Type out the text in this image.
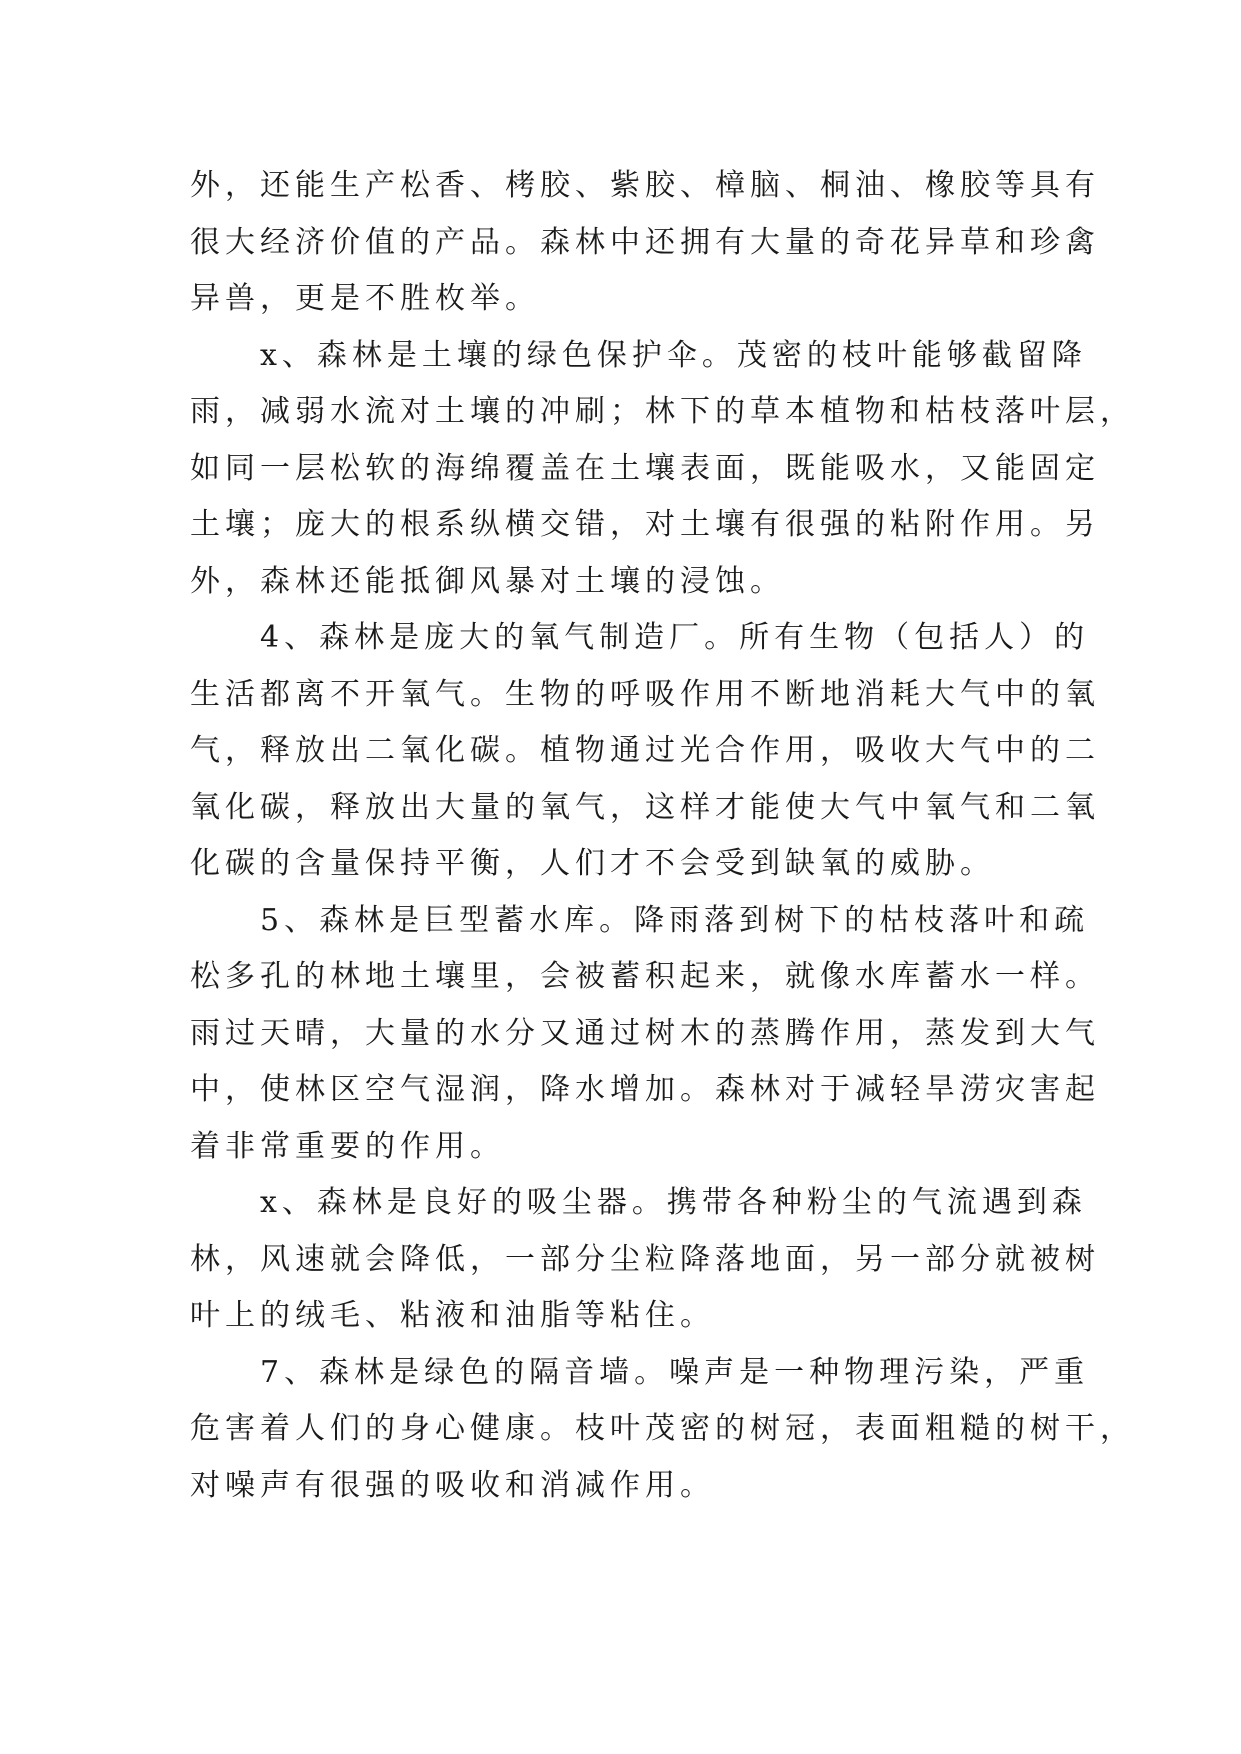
外，还能生产松香、栲胶、紫胶、樟脑、桐油、橡胶等具有
很大经济价值的产品。森林中还拥有大量的奇花异草和珍禽
异兽，更是不胜枚举。
　　x、森林是土壤的绿色保护伞。茂密的枝叶能够截留降
雨，减弱水流对土壤的冲刷；林下的草本植物和枯枝落叶层，
如同一层松软的海绵覆盖在土壤表面，既能吸水，又能固定
土壤；庞大的根系纵横交错，对土壤有很强的粘附作用。另
外，森林还能抵御风暴对土壤的浸蚀。
　　4、森林是庞大的氧气制造厂。所有生物（包括人）的
生活都离不开氧气。生物的呼吸作用不断地消耗大气中的氧
气，释放出二氧化碳。植物通过光合作用，吸收大气中的二
氧化碳，释放出大量的氧气，这样才能使大气中氧气和二氧
化碳的含量保持平衡，人们才不会受到缺氧的威胁。
　　5、森林是巨型蓄水库。降雨落到树下的枯枝落叶和疏
松多孔的林地土壤里，会被蓄积起来，就像水库蓄水一样。
雨过天晴，大量的水分又通过树木的蒸腾作用，蒸发到大气
中，使林区空气湿润，降水增加。森林对于减轻旱涝灾害起
着非常重要的作用。
　　x、森林是良好的吸尘器。携带各种粉尘的气流遇到森
林，风速就会降低，一部分尘粒降落地面，另一部分就被树
叶上的绒毛、粘液和油脂等粘住。
　　7、森林是绿色的隔音墙。噪声是一种物理污染，严重
危害着人们的身心健康。枝叶茂密的树冠，表面粗糙的树干，
对噪声有很强的吸收和消减作用。
